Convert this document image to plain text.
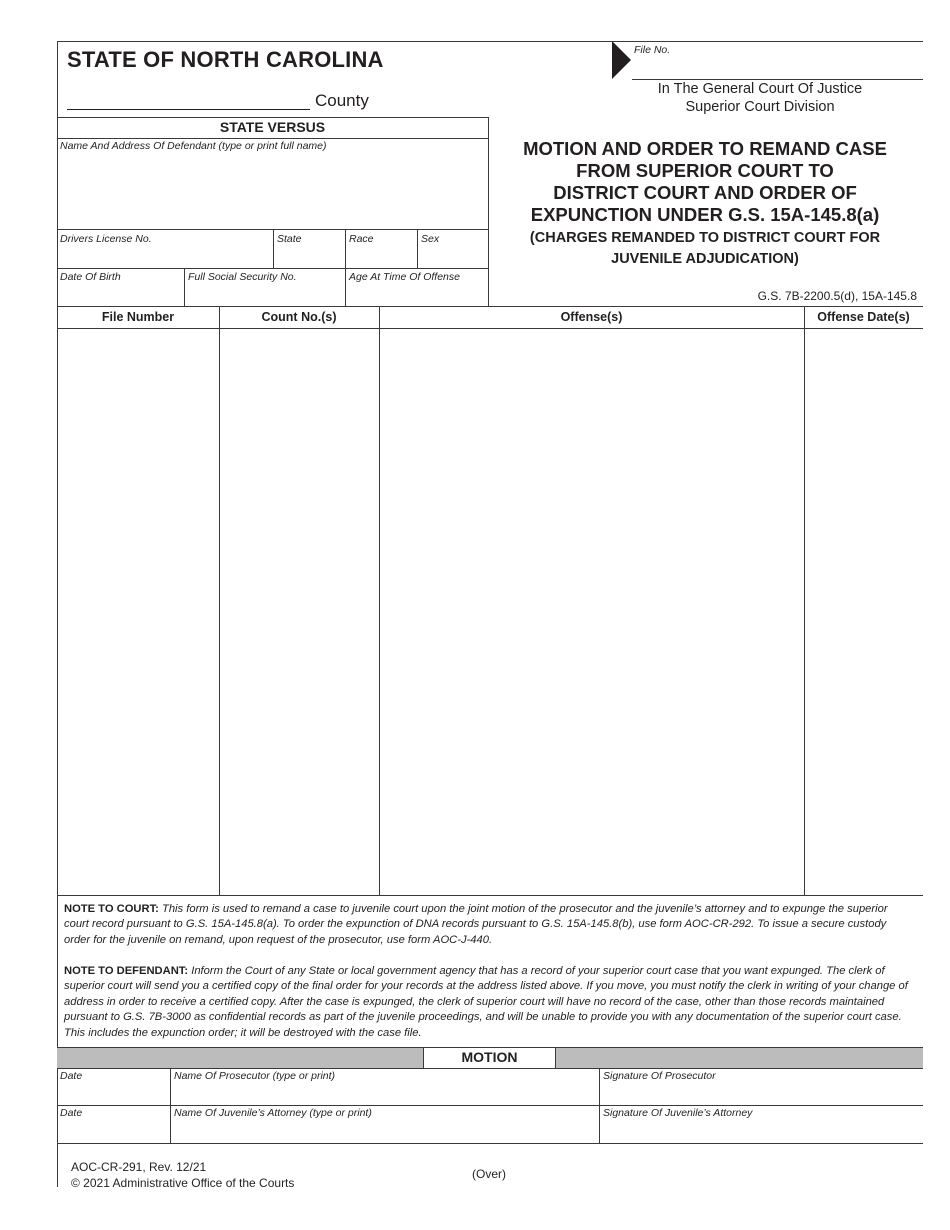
STATE OF NORTH CAROLINA
County
File No.
In The General Court Of Justice
Superior Court Division
STATE VERSUS
Name And Address Of Defendant (type or print full name)
Drivers License No.	State	Race	Sex
Date Of Birth	Full Social Security No.	Age At Time Of Offense
MOTION AND ORDER TO REMAND CASE
FROM SUPERIOR COURT TO
DISTRICT COURT AND ORDER OF
EXPUNCTION UNDER G.S. 15A-145.8(a)
(CHARGES REMANDED TO DISTRICT COURT FOR
JUVENILE ADJUDICATION)
G.S. 7B-2200.5(d), 15A-145.8
File Number	Count No.(s)	Offense(s)	Offense Date(s)
NOTE TO COURT: This form is used to remand a case to juvenile court upon the joint motion of the prosecutor and the juvenile’s attorney and to expunge the superior court record pursuant to G.S. 15A-145.8(a). To order the expunction of DNA records pursuant to G.S. 15A-145.8(b), use form AOC-CR-292. To issue a secure custody order for the juvenile on remand, upon request of the prosecutor, use form AOC-J-440.
NOTE TO DEFENDANT: Inform the Court of any State or local government agency that has a record of your superior court case that you want expunged. The clerk of superior court will send you a certified copy of the final order for your records at the address listed above. If you move, you must notify the clerk in writing of your change of address in order to receive a certified copy. After the case is expunged, the clerk of superior court will have no record of the case, other than those records maintained pursuant to G.S. 7B-3000 as confidential records as part of the juvenile proceedings, and will be unable to provide you with any documentation of the superior court case. This includes the expunction order; it will be destroyed with the case file.
MOTION
Date	Name Of Prosecutor (type or print)	Signature Of Prosecutor
Date	Name Of Juvenile’s Attorney (type or print)	Signature Of Juvenile’s Attorney
AOC-CR-291, Rev. 12/21
© 2021 Administrative Office of the Courts
(Over)
